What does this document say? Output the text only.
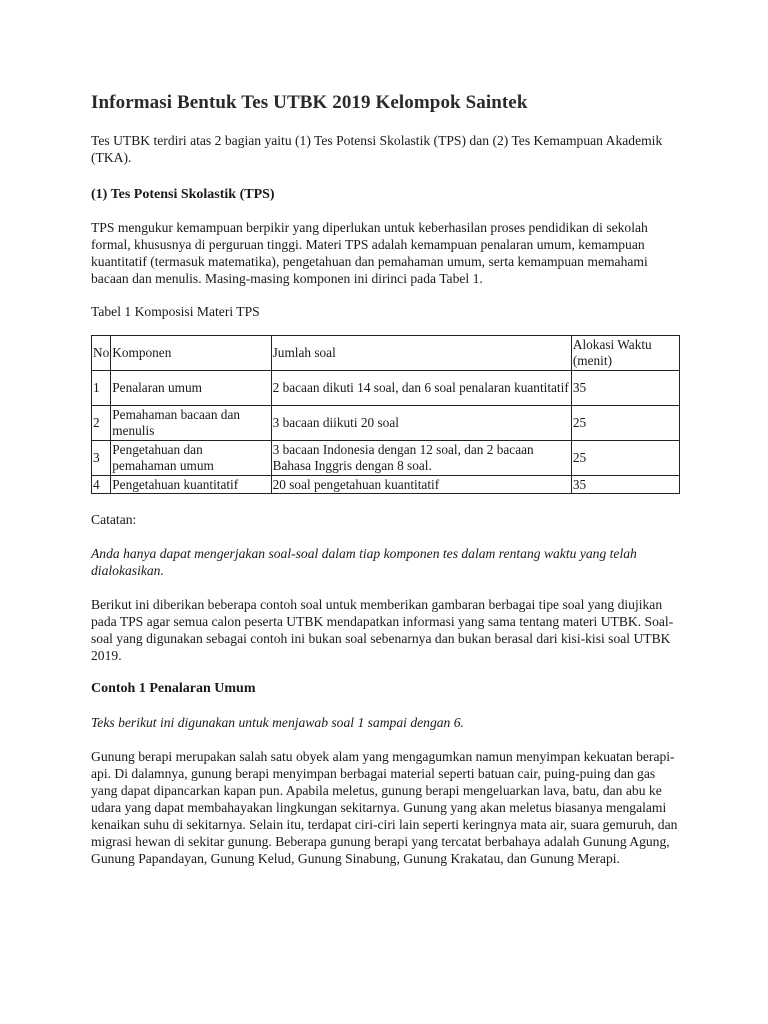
Informasi Bentuk Tes UTBK 2019 Kelompok Saintek

Tes UTBK terdiri atas 2 bagian yaitu (1) Tes Potensi Skolastik (TPS) dan (2) Tes Kemampuan Akademik (TKA).

(1) Tes Potensi Skolastik (TPS)

TPS mengukur kemampuan berpikir yang diperlukan untuk keberhasilan proses pendidikan di sekolah formal, khususnya di perguruan tinggi. Materi TPS adalah kemampuan penalaran umum, kemampuan kuantitatif (termasuk matematika), pengetahuan dan pemahaman umum, serta kemampuan memahami bacaan dan menulis. Masing-masing komponen ini dirinci pada Tabel 1.

Tabel 1 Komposisi Materi TPS

No	Komponen	Jumlah soal	Alokasi Waktu (menit)
1	Penalaran umum	2 bacaan dikuti 14 soal, dan 6 soal penalaran kuantitatif	35
2	Pemahaman bacaan dan menulis	3 bacaan diikuti 20 soal	25
3	Pengetahuan dan pemahaman umum	3 bacaan Indonesia dengan 12 soal, dan 2 bacaan Bahasa Inggris dengan 8 soal.	25
4	Pengetahuan kuantitatif	20 soal pengetahuan kuantitatif	35

Catatan:

Anda hanya dapat mengerjakan soal-soal dalam tiap komponen tes dalam rentang waktu yang telah dialokasikan.

Berikut ini diberikan beberapa contoh soal untuk memberikan gambaran berbagai tipe soal yang diujikan pada TPS agar semua calon peserta UTBK mendapatkan informasi yang sama tentang materi UTBK. Soal-soal yang digunakan sebagai contoh ini bukan soal sebenarnya dan bukan berasal dari kisi-kisi soal UTBK 2019.

Contoh 1 Penalaran Umum

Teks berikut ini digunakan untuk menjawab soal 1 sampai dengan 6.

Gunung berapi merupakan salah satu obyek alam yang mengagumkan namun menyimpan kekuatan berapi-api. Di dalamnya, gunung berapi menyimpan berbagai material seperti batuan cair, puing-puing dan gas yang dapat dipancarkan kapan pun. Apabila meletus, gunung berapi mengeluarkan lava, batu, dan abu ke udara yang dapat membahayakan lingkungan sekitarnya. Gunung yang akan meletus biasanya mengalami kenaikan suhu di sekitarnya. Selain itu, terdapat ciri-ciri lain seperti keringnya mata air, suara gemuruh, dan migrasi hewan di sekitar gunung. Beberapa gunung berapi yang tercatat berbahaya adalah Gunung Agung, Gunung Papandayan, Gunung Kelud, Gunung Sinabung, Gunung Krakatau, dan Gunung Merapi.
